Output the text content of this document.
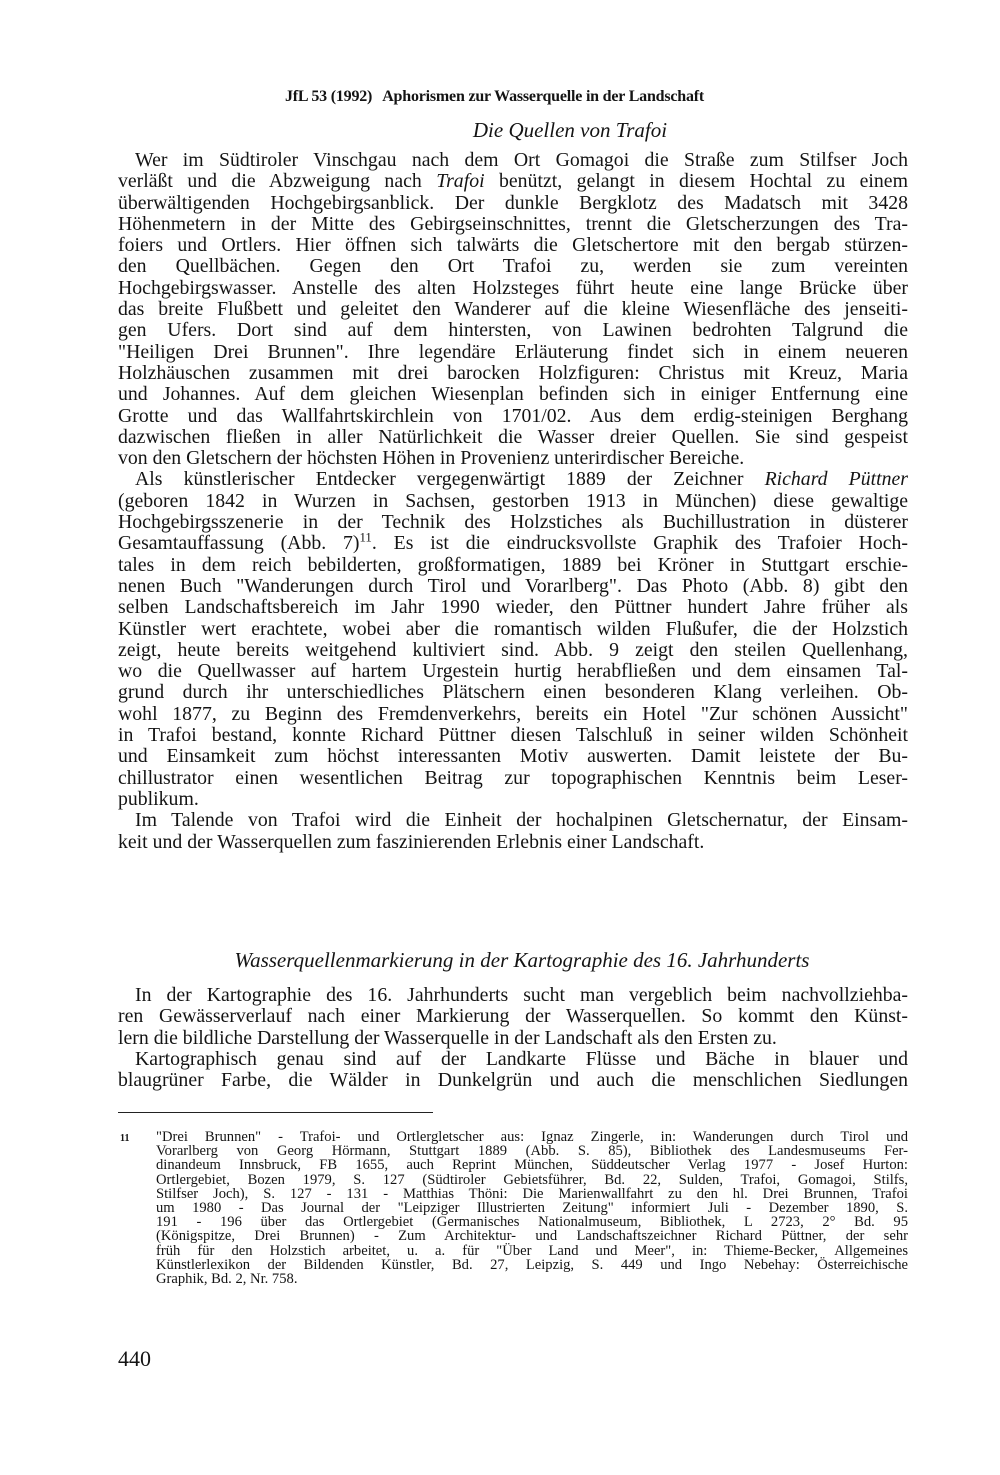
JfL 53 (1992) Aphorismen zur Wasserquelle in der Landschaft
Die Quellen von Trafoi
Wer im Südtiroler Vinschgau nach dem Ort Gomagoi die Straße zum Stilfser Joch
verläßt und die Abzweigung nach Trafoi benützt, gelangt in diesem Hochtal zu einem
überwältigenden Hochgebirgsanblick. Der dunkle Bergklotz des Madatsch mit 3428
Höhenmetern in der Mitte des Gebirgseinschnittes, trennt die Gletscherzungen des Tra-
foiers und Ortlers. Hier öffnen sich talwärts die Gletschertore mit den bergab stürzen-
den Quellbächen. Gegen den Ort Trafoi zu, werden sie zum vereinten
Hochgebirgswasser. Anstelle des alten Holzsteges führt heute eine lange Brücke über
das breite Flußbett und geleitet den Wanderer auf die kleine Wiesenfläche des jenseiti-
gen Ufers. Dort sind auf dem hintersten, von Lawinen bedrohten Talgrund die
"Heiligen Drei Brunnen". Ihre legendäre Erläuterung findet sich in einem neueren
Holzhäuschen zusammen mit drei barocken Holzfiguren: Christus mit Kreuz, Maria
und Johannes. Auf dem gleichen Wiesenplan befinden sich in einiger Entfernung eine
Grotte und das Wallfahrtskirchlein von 1701/02. Aus dem erdig-steinigen Berghang
dazwischen fließen in aller Natürlichkeit die Wasser dreier Quellen. Sie sind gespeist
von den Gletschern der höchsten Höhen in Provenienz unterirdischer Bereiche.
Als künstlerischer Entdecker vergegenwärtigt 1889 der Zeichner Richard Püttner
(geboren 1842 in Wurzen in Sachsen, gestorben 1913 in München) diese gewaltige
Hochgebirgsszenerie in der Technik des Holzstiches als Buchillustration in düsterer
Gesamtauffassung (Abb. 7)$^{11}$. Es ist die eindrucksvollste Graphik des Trafoier Hoch-
tales in dem reich bebilderten, großformatigen, 1889 bei Kröner in Stuttgart erschie-
nenen Buch "Wanderungen durch Tirol und Vorarlberg". Das Photo (Abb. 8) gibt den
selben Landschaftsbereich im Jahr 1990 wieder, den Püttner hundert Jahre früher als
Künstler wert erachtete, wobei aber die romantisch wilden Flußufer, die der Holzstich
zeigt, heute bereits weitgehend kultiviert sind. Abb. 9 zeigt den steilen Quellenhang,
wo die Quellwasser auf hartem Urgestein hurtig herabfließen und dem einsamen Tal-
grund durch ihr unterschiedliches Plätschern einen besonderen Klang verleihen. Ob-
wohl 1877, zu Beginn des Fremdenverkehrs, bereits ein Hotel "Zur schönen Aussicht"
in Trafoi bestand, konnte Richard Püttner diesen Talschluß in seiner wilden Schönheit
und Einsamkeit zum höchst interessanten Motiv auswerten. Damit leistete der Bu-
chillustrator einen wesentlichen Beitrag zur topographischen Kenntnis beim Leser-
publikum.
Im Talende von Trafoi wird die Einheit der hochalpinen Gletschernatur, der Einsam-
keit und der Wasserquellen zum faszinierenden Erlebnis einer Landschaft.
Wasserquellenmarkierung in der Kartographie des 16. Jahrhunderts
In der Kartographie des 16. Jahrhunderts sucht man vergeblich beim nachvollziehba-
ren Gewässerverlauf nach einer Markierung der Wasserquellen. So kommt den Künst-
lern die bildliche Darstellung der Wasserquelle in der Landschaft als den Ersten zu.
Kartographisch genau sind auf der Landkarte Flüsse und Bäche in blauer und
blaugrüner Farbe, die Wälder in Dunkelgrün und auch die menschlichen Siedlungen
11 "Drei Brunnen" - Trafoi- und Ortlergletscher aus: Ignaz Zingerle, in: Wanderungen durch Tirol und
Vorarlberg von Georg Hörmann, Stuttgart 1889 (Abb. S. 85), Bibliothek des Landesmuseums Fer-
dinandeum Innsbruck, FB 1655, auch Reprint München, Süddeutscher Verlag 1977 - Josef Hurton:
Ortlergebiet, Bozen 1979, S. 127 (Südtiroler Gebietsführer, Bd. 22, Sulden, Trafoi, Gomagoi, Stilfs,
Stilfser Joch), S. 127 - 131 - Matthias Thöni: Die Marienwallfahrt zu den hl. Drei Brunnen, Trafoi
um 1980 - Das Journal der "Leipziger Illustrierten Zeitung" informiert Juli - Dezember 1890, S.
191 - 196 über das Ortlergebiet (Germanisches Nationalmuseum, Bibliothek, L 2723, 2° Bd. 95
(Königspitze, Drei Brunnen) - Zum Architektur- und Landschaftszeichner Richard Püttner, der sehr
früh für den Holzstich arbeitet, u. a. für "Über Land und Meer", in: Thieme-Becker, Allgemeines
Künstlerlexikon der Bildenden Künstler, Bd. 27, Leipzig, S. 449 und Ingo Nebehay: Österreichische
Graphik, Bd. 2, Nr. 758.
440
